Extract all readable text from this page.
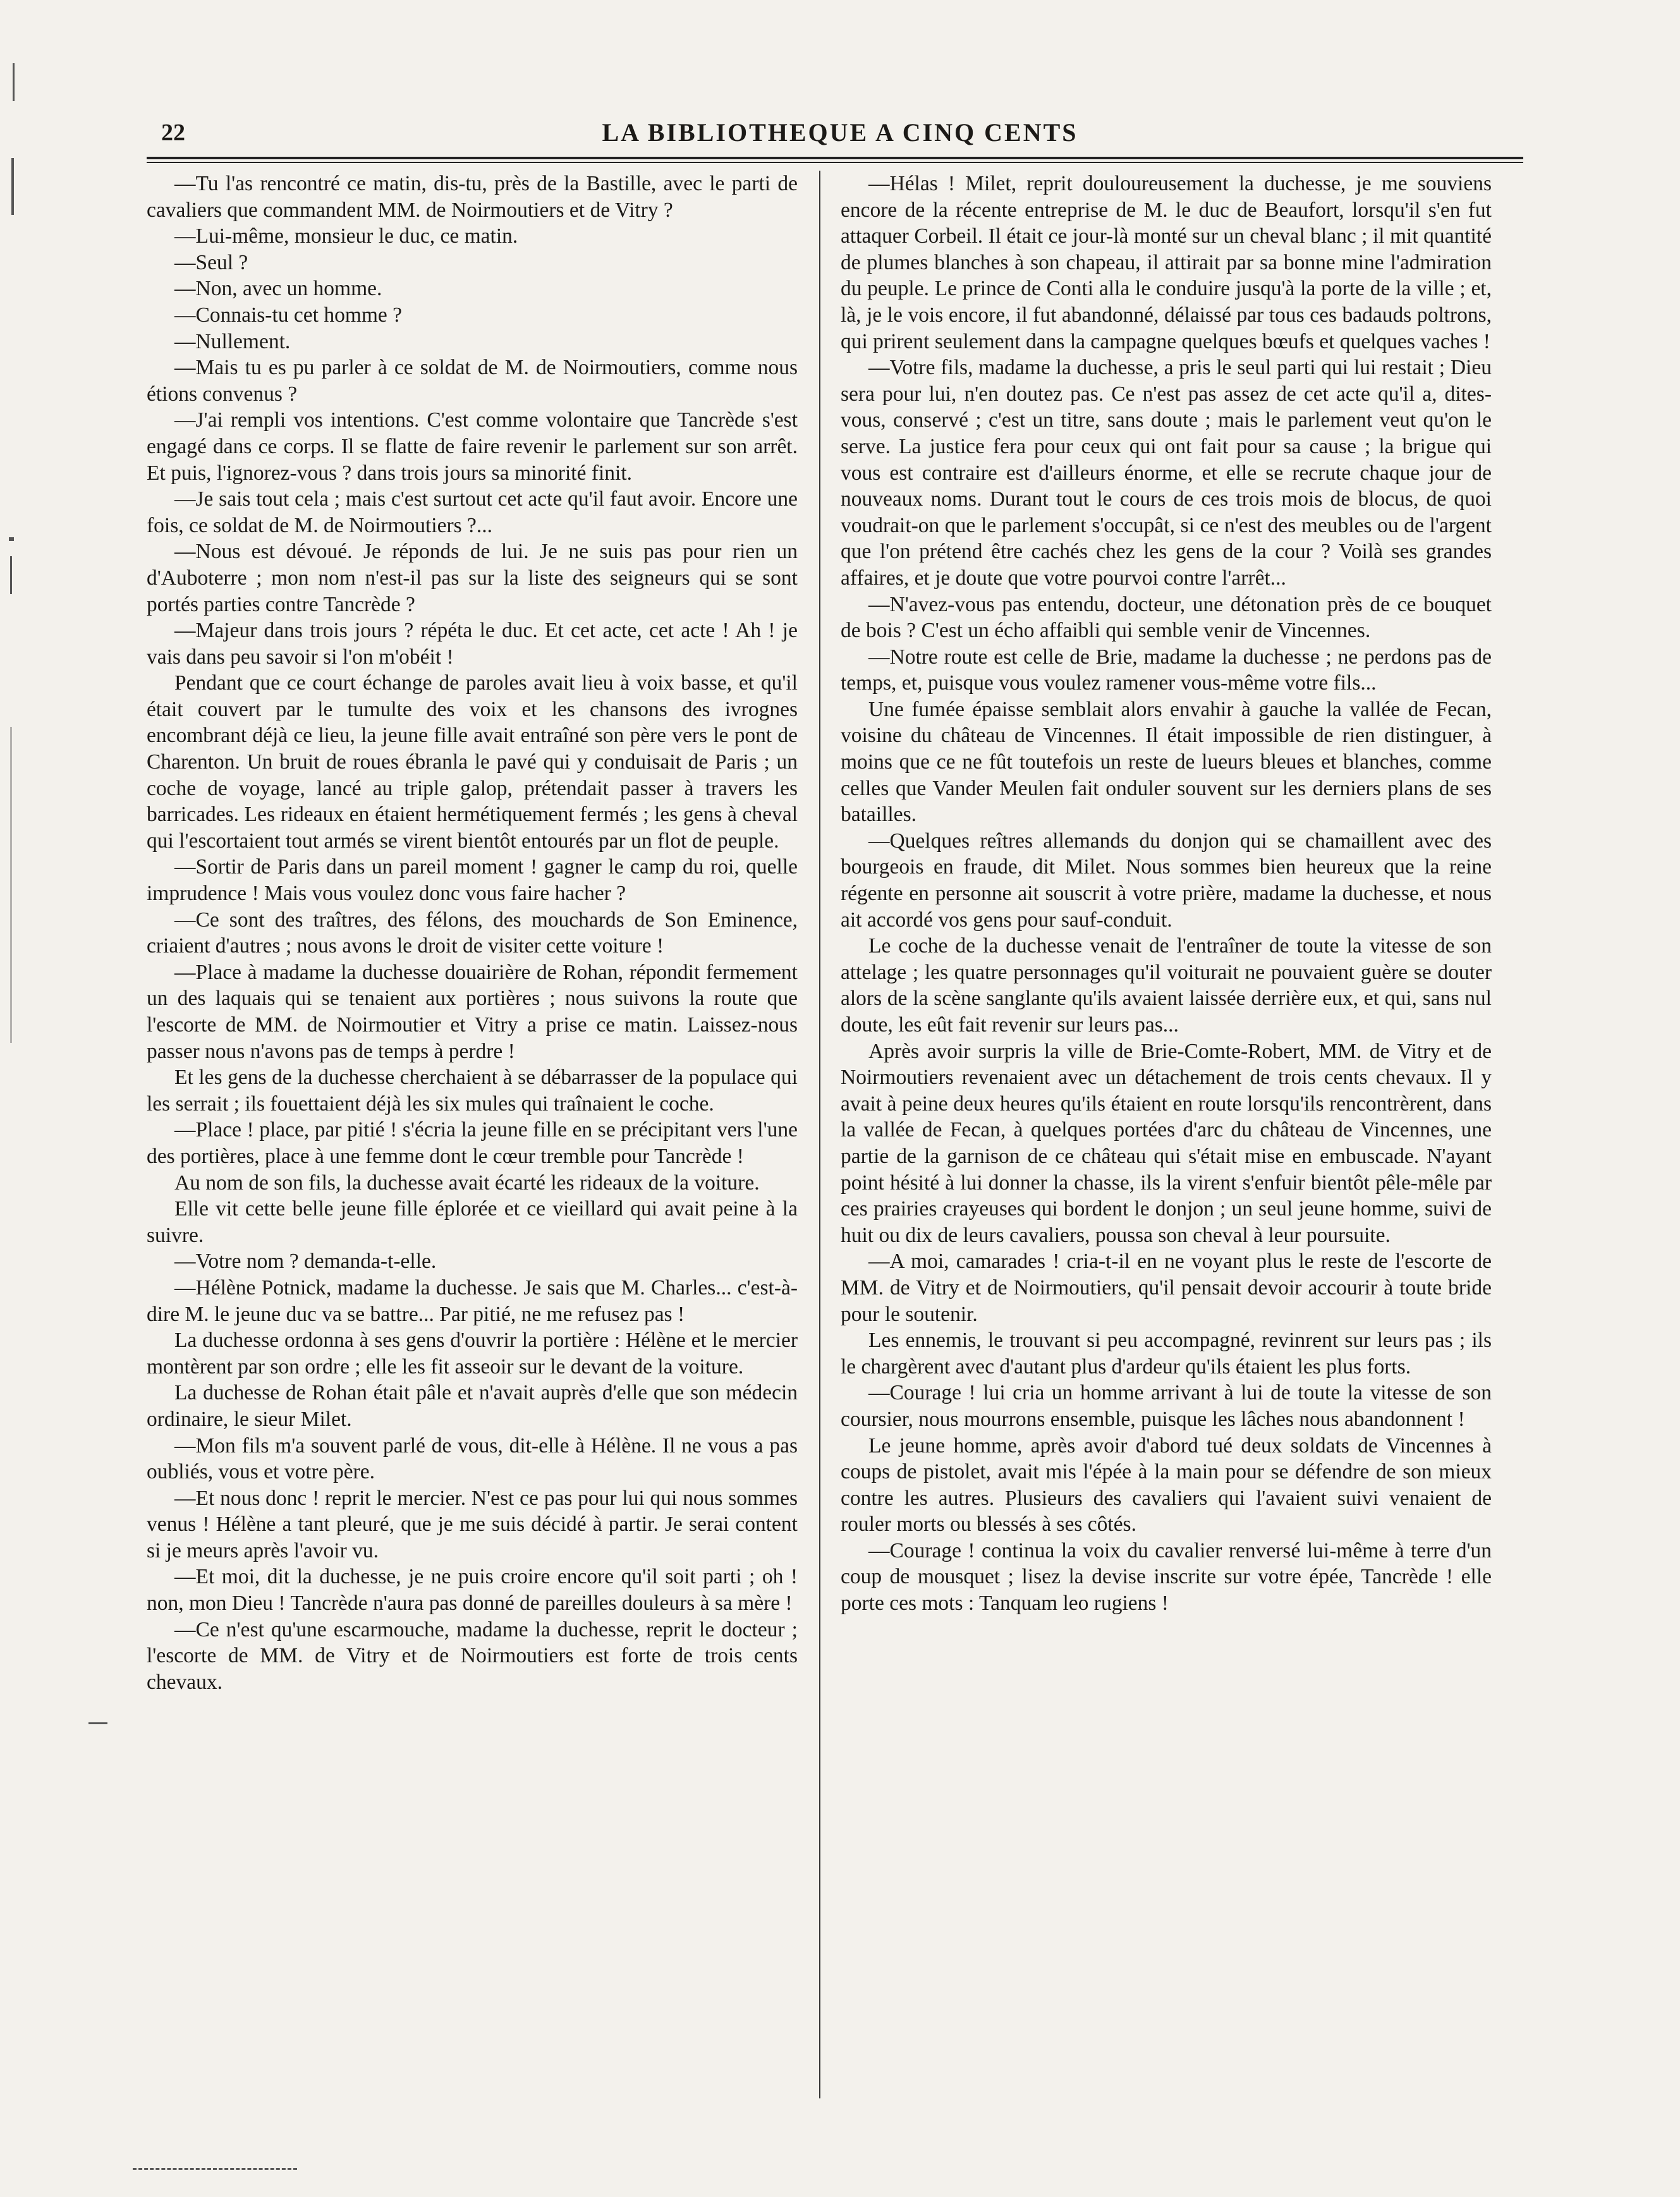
22	LA BIBLIOTHEQUE A CINQ CENTS

—Tu l'as rencontré ce matin, dis-tu, près de la Bastille, avec le parti de cavaliers que commandent MM. de Noirmoutiers et de Vitry ?

—Lui-même, monsieur le duc, ce matin.

—Seul ?

—Non, avec un homme.

—Connais-tu cet homme ?

—Nullement.

—Mais tu es pu parler à ce soldat de M. de Noirmoutiers, comme nous étions convenus ?

—J'ai rempli vos intentions. C'est comme volontaire que Tancrède s'est engagé dans ce corps. Il se flatte de faire revenir le parlement sur son arrêt. Et puis, l'ignorez-vous ? dans trois jours sa minorité finit.

—Je sais tout cela ; mais c'est surtout cet acte qu'il faut avoir. Encore une fois, ce soldat de M. de Noirmoutiers ?...

—Nous est dévoué. Je réponds de lui. Je ne suis pas pour rien un d'Auboterre ; mon nom n'est-il pas sur la liste des seigneurs qui se sont portés parties contre Tancrède ?

—Majeur dans trois jours ? répéta le duc. Et cet acte, cet acte ! Ah ! je vais dans peu savoir si l'on m'obéit !

Pendant que ce court échange de paroles avait lieu à voix basse, et qu'il était couvert par le tumulte des voix et les chansons des ivrognes encombrant déjà ce lieu, la jeune fille avait entraîné son père vers le pont de Charenton. Un bruit de roues ébranla le pavé qui y conduisait de Paris ; un coche de voyage, lancé au triple galop, prétendait passer à travers les barricades. Les rideaux en étaient hermétiquement fermés ; les gens à cheval qui l'escortaient tout armés se virent bientôt entourés par un flot de peuple.

—Sortir de Paris dans un pareil moment ! gagner le camp du roi, quelle imprudence ! Mais vous voulez donc vous faire hacher ?

—Ce sont des traîtres, des félons, des mouchards de Son Eminence, criaient d'autres ; nous avons le droit de visiter cette voiture !

—Place à madame la duchesse douairière de Rohan, répondit fermement un des laquais qui se tenaient aux portières ; nous suivons la route que l'escorte de MM. de Noirmoutier et Vitry a prise ce matin. Laissez-nous passer nous n'avons pas de temps à perdre !

Et les gens de la duchesse cherchaient à se débarrasser de la populace qui les serrait ; ils fouettaient déjà les six mules qui traînaient le coche.

—Place ! place, par pitié ! s'écria la jeune fille en se précipitant vers l'une des portières, place à une femme dont le cœur tremble pour Tancrède !

Au nom de son fils, la duchesse avait écarté les rideaux de la voiture.

Elle vit cette belle jeune fille éplorée et ce vieillard qui avait peine à la suivre.

—Votre nom ? demanda-t-elle.

—Hélène Potnick, madame la duchesse. Je sais que M. Charles... c'est-à-dire M. le jeune duc va se battre... Par pitié, ne me refusez pas !

La duchesse ordonna à ses gens d'ouvrir la portière : Hélène et le mercier montèrent par son ordre ; elle les fit asseoir sur le devant de la voiture.

La duchesse de Rohan était pâle et n'avait auprès d'elle que son médecin ordinaire, le sieur Milet.

—Mon fils m'a souvent parlé de vous, dit-elle à Hélène. Il ne vous a pas oubliés, vous et votre père.

—Et nous donc ! reprit le mercier. N'est ce pas pour lui qui nous sommes venus ! Hélène a tant pleuré, que je me suis décidé à partir. Je serai content si je meurs après l'avoir vu.

—Et moi, dit la duchesse, je ne puis croire encore qu'il soit parti ; oh ! non, mon Dieu ! Tancrède n'aura pas donné de pareilles douleurs à sa mère !

—Ce n'est qu'une escarmouche, madame la duchesse, reprit le docteur ; l'escorte de MM. de Vitry et de Noirmoutiers est forte de trois cents chevaux.

—Hélas ! Milet, reprit douloureusement la duchesse, je me souviens encore de la récente entreprise de M. le duc de Beaufort, lorsqu'il s'en fut attaquer Corbeil. Il était ce jour-là monté sur un cheval blanc ; il mit quantité de plumes blanches à son chapeau, il attirait par sa bonne mine l'admiration du peuple. Le prince de Conti alla le conduire jusqu'à la porte de la ville ; et, là, je le vois encore, il fut abandonné, délaissé par tous ces badauds poltrons, qui prirent seulement dans la campagne quelques bœufs et quelques vaches !

—Votre fils, madame la duchesse, a pris le seul parti qui lui restait ; Dieu sera pour lui, n'en doutez pas. Ce n'est pas assez de cet acte qu'il a, dites-vous, conservé ; c'est un titre, sans doute ; mais le parlement veut qu'on le serve. La justice fera pour ceux qui ont fait pour sa cause ; la brigue qui vous est contraire est d'ailleurs énorme, et elle se recrute chaque jour de nouveaux noms. Durant tout le cours de ces trois mois de blocus, de quoi voudrait-on que le parlement s'occupât, si ce n'est des meubles ou de l'argent que l'on prétend être cachés chez les gens de la cour ? Voilà ses grandes affaires, et je doute que votre pourvoi contre l'arrêt...

—N'avez-vous pas entendu, docteur, une détonation près de ce bouquet de bois ? C'est un écho affaibli qui semble venir de Vincennes.

—Notre route est celle de Brie, madame la duchesse ; ne perdons pas de temps, et, puisque vous voulez ramener vous-même votre fils...

Une fumée épaisse semblait alors envahir à gauche la vallée de Fecan, voisine du château de Vincennes. Il était impossible de rien distinguer, à moins que ce ne fût toutefois un reste de lueurs bleues et blanches, comme celles que Vander Meulen fait onduler souvent sur les derniers plans de ses batailles.

—Quelques reîtres allemands du donjon qui se chamaillent avec des bourgeois en fraude, dit Milet. Nous sommes bien heureux que la reine régente en personne ait souscrit à votre prière, madame la duchesse, et nous ait accordé vos gens pour sauf-conduit.

Le coche de la duchesse venait de l'entraîner de toute la vitesse de son attelage ; les quatre personnages qu'il voiturait ne pouvaient guère se douter alors de la scène sanglante qu'ils avaient laissée derrière eux, et qui, sans nul doute, les eût fait revenir sur leurs pas...

Après avoir surpris la ville de Brie-Comte-Robert, MM. de Vitry et de Noirmoutiers revenaient avec un détachement de trois cents chevaux. Il y avait à peine deux heures qu'ils étaient en route lorsqu'ils rencontrèrent, dans la vallée de Fecan, à quelques portées d'arc du château de Vincennes, une partie de la garnison de ce château qui s'était mise en embuscade. N'ayant point hésité à lui donner la chasse, ils la virent s'enfuir bientôt pêle-mêle par ces prairies crayeuses qui bordent le donjon ; un seul jeune homme, suivi de huit ou dix de leurs cavaliers, poussa son cheval à leur poursuite.

—A moi, camarades ! cria-t-il en ne voyant plus le reste de l'escorte de MM. de Vitry et de Noirmoutiers, qu'il pensait devoir accourir à toute bride pour le soutenir.

Les ennemis, le trouvant si peu accompagné, revinrent sur leurs pas ; ils le chargèrent avec d'autant plus d'ardeur qu'ils étaient les plus forts.

—Courage ! lui cria un homme arrivant à lui de toute la vitesse de son coursier, nous mourrons ensemble, puisque les lâches nous abandonnent !

Le jeune homme, après avoir d'abord tué deux soldats de Vincennes à coups de pistolet, avait mis l'épée à la main pour se défendre de son mieux contre les autres. Plusieurs des cavaliers qui l'avaient suivi venaient de rouler morts ou blessés à ses côtés.

—Courage ! continua la voix du cavalier renversé lui-même à terre d'un coup de mousquet ; lisez la devise inscrite sur votre épée, Tancrède ! elle porte ces mots : Tanquam leo rugiens !
